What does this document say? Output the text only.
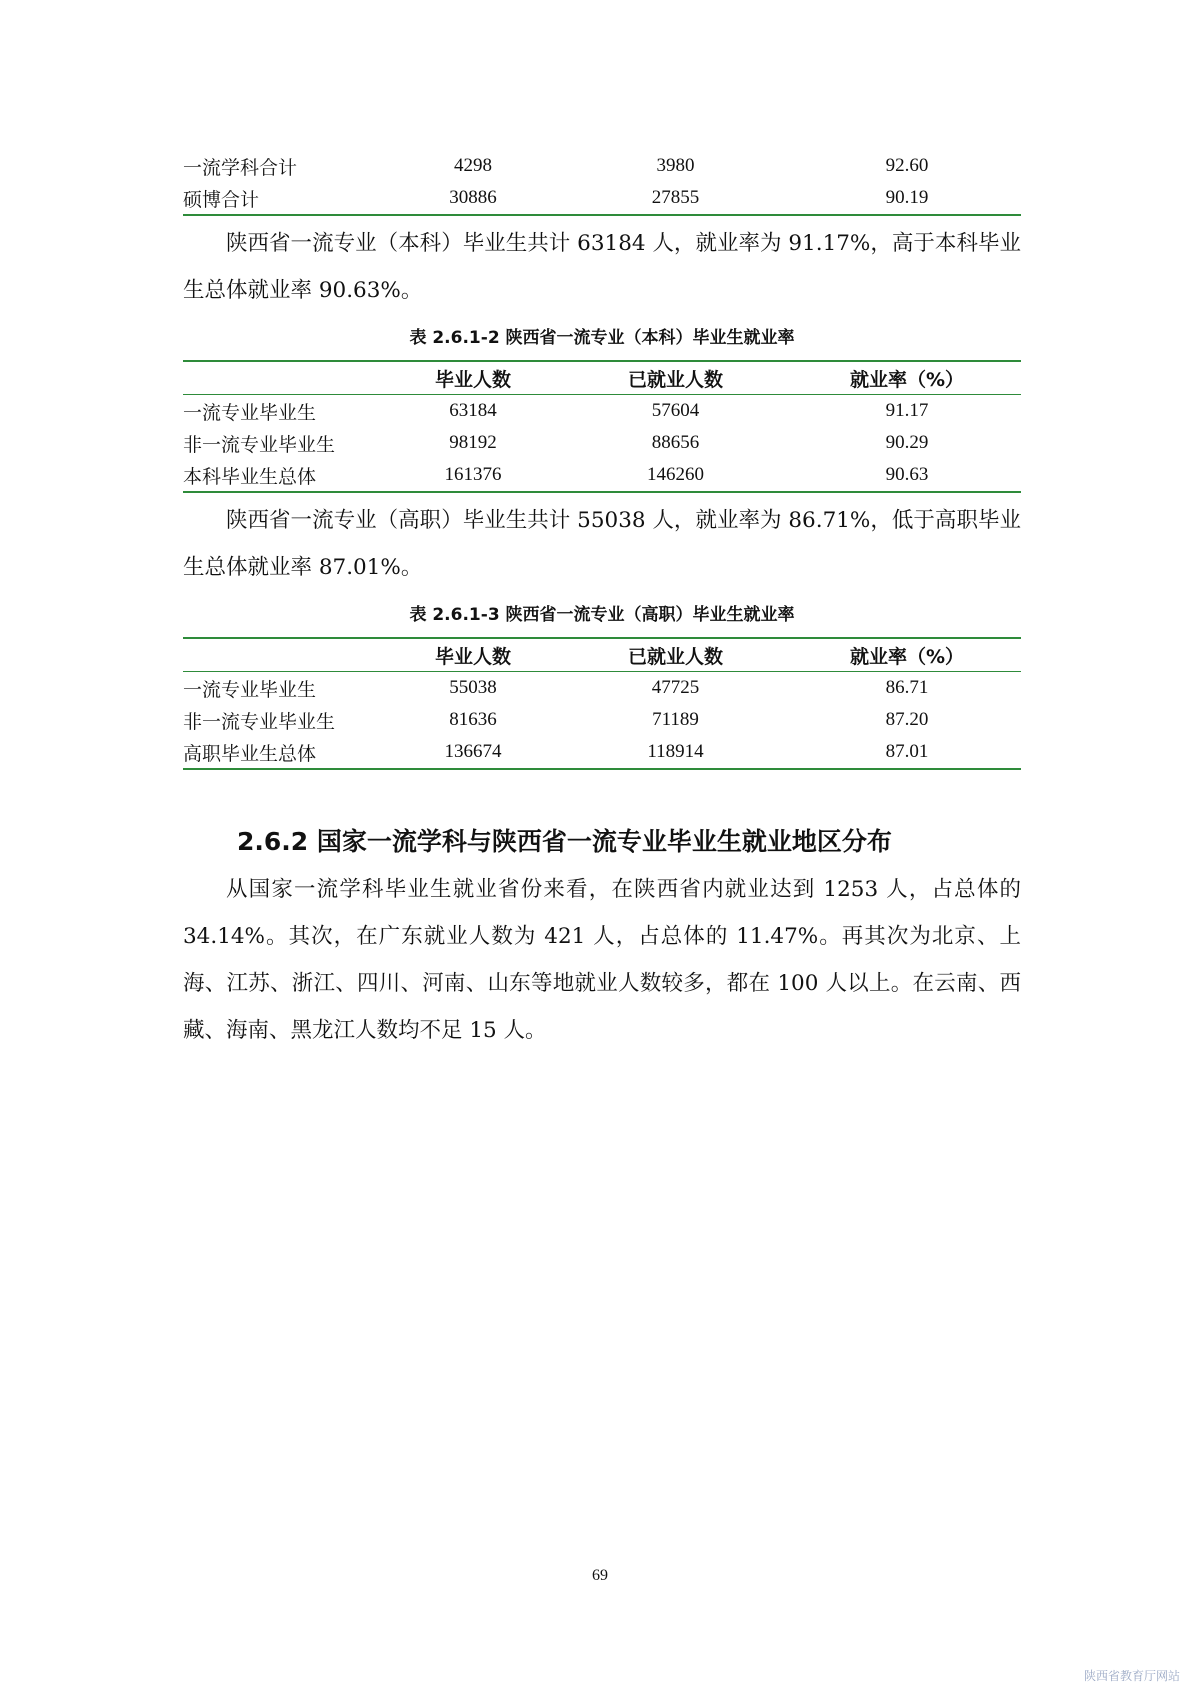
一流学科合计	4298	3980	92.60
硕博合计	30886	27855	90.19

陕西省一流专业（本科）毕业生共计 63184 人，就业率为 91.17%，高于本科毕业生总体就业率 90.63%。

表 2.6.1-2 陕西省一流专业（本科）毕业生就业率

	毕业人数	已就业人数	就业率（%）
一流专业毕业生	63184	57604	91.17
非一流专业毕业生	98192	88656	90.29
本科毕业生总体	161376	146260	90.63

陕西省一流专业（高职）毕业生共计 55038 人，就业率为 86.71%，低于高职毕业生总体就业率 87.01%。

表 2.6.1-3 陕西省一流专业（高职）毕业生就业率

	毕业人数	已就业人数	就业率（%）
一流专业毕业生	55038	47725	86.71
非一流专业毕业生	81636	71189	87.20
高职毕业生总体	136674	118914	87.01
2.6.2 国家一流学科与陕西省一流专业毕业生就业地区分布

从国家一流学科毕业生就业省份来看，在陕西省内就业达到 1253 人，占总体的 34.14%。其次，在广东就业人数为 421 人，占总体的 11.47%。再其次为北京、上海、江苏、浙江、四川、河南、山东等地就业人数较多，都在 100 人以上。在云南、西藏、海南、黑龙江人数均不足 15 人。

69
陕西省教育厅网站
